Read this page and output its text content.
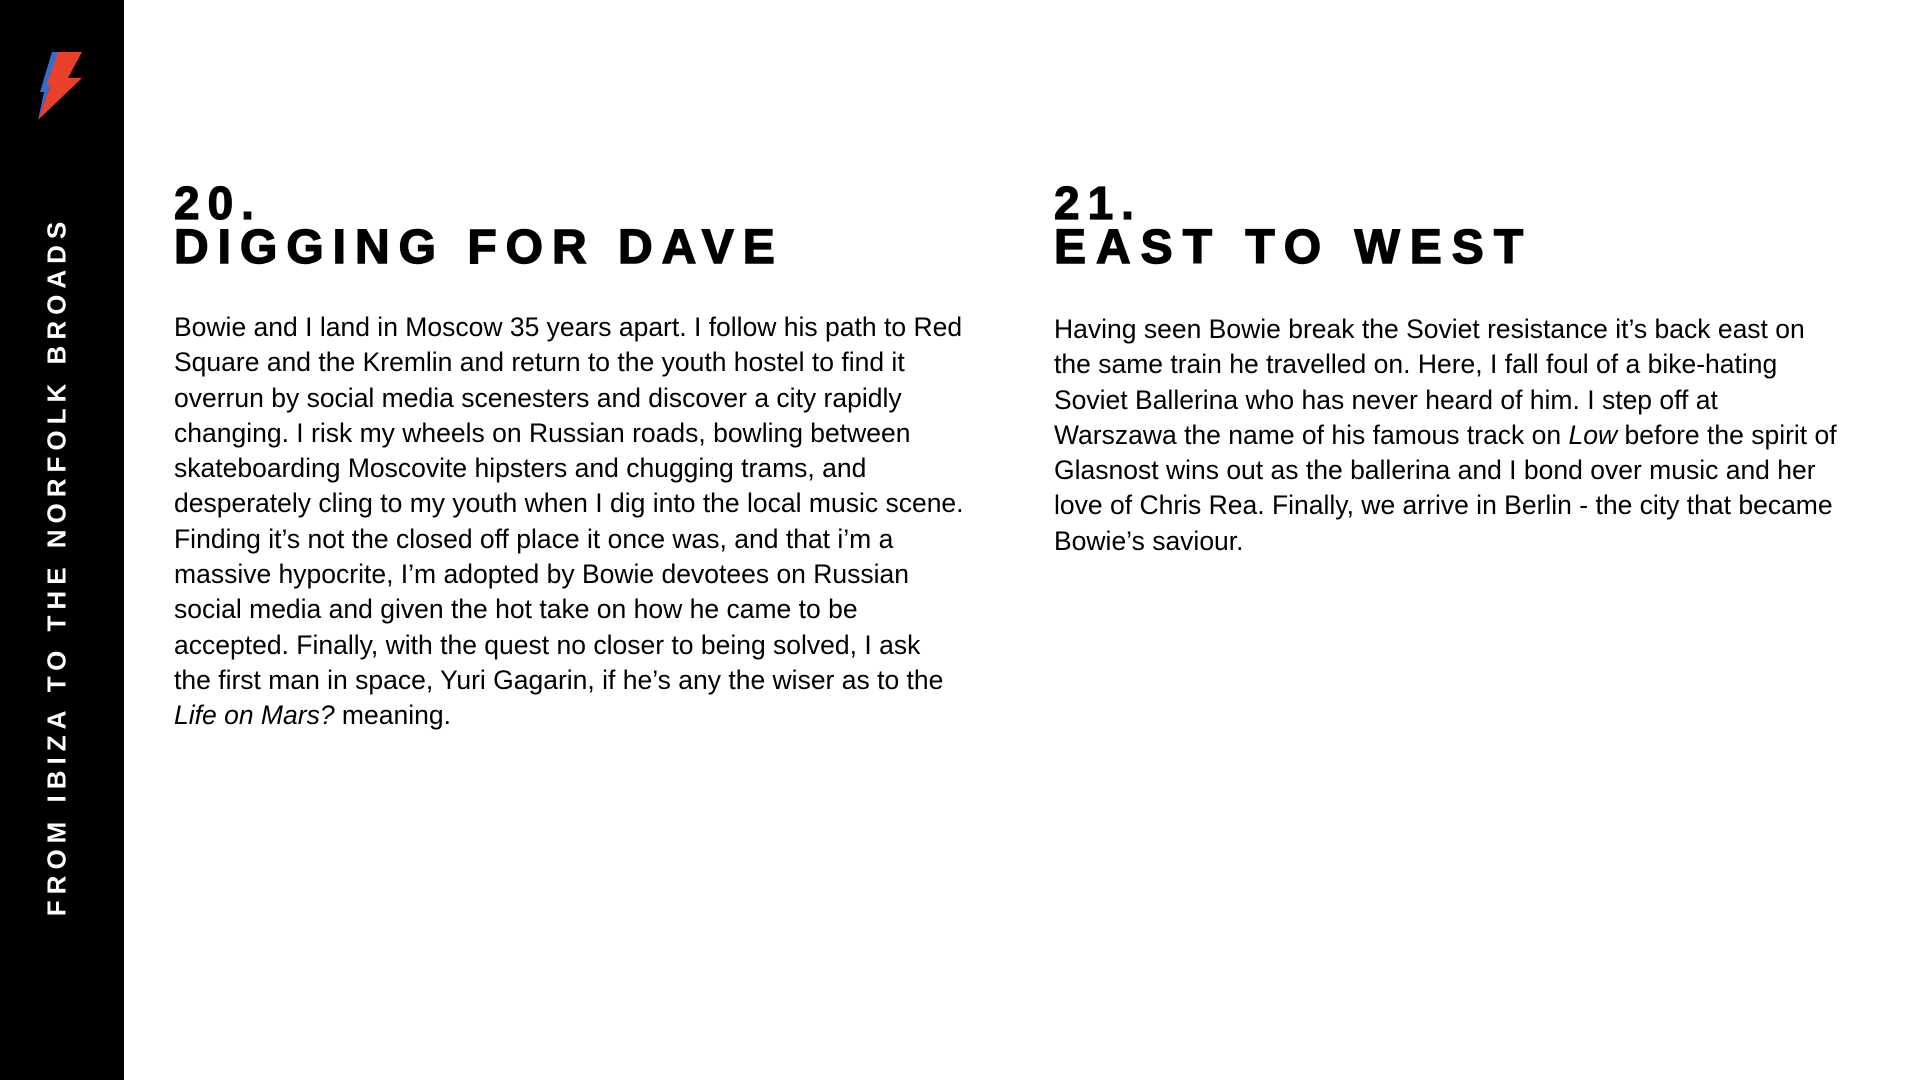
FROM IBIZA TO THE NORFOLK BROADS
20.
DIGGING FOR DAVE

Bowie and I land in Moscow 35 years apart. I follow his path to Red Square and the Kremlin and return to the youth hostel to find it overrun by social media scenesters and discover a city rapidly changing. I risk my wheels on Russian roads, bowling between skateboarding Moscovite hipsters and chugging trams, and desperately cling to my youth when I dig into the local music scene. Finding it’s not the closed off place it once was, and that i’m a massive hypocrite, I’m adopted by Bowie devotees on Russian social media and given the hot take on how he came to be accepted. Finally, with the quest no closer to being solved, I ask the first man in space, Yuri Gagarin, if he’s any the wiser as to the Life on Mars? meaning.

21.
EAST TO WEST

Having seen Bowie break the Soviet resistance it’s back east on the same train he travelled on. Here, I fall foul of a bike-hating Soviet Ballerina who has never heard of him. I step off at Warszawa the name of his famous track on Low before the spirit of Glasnost wins out as the ballerina and I bond over music and her love of Chris Rea. Finally, we arrive in Berlin - the city that became Bowie’s saviour.
